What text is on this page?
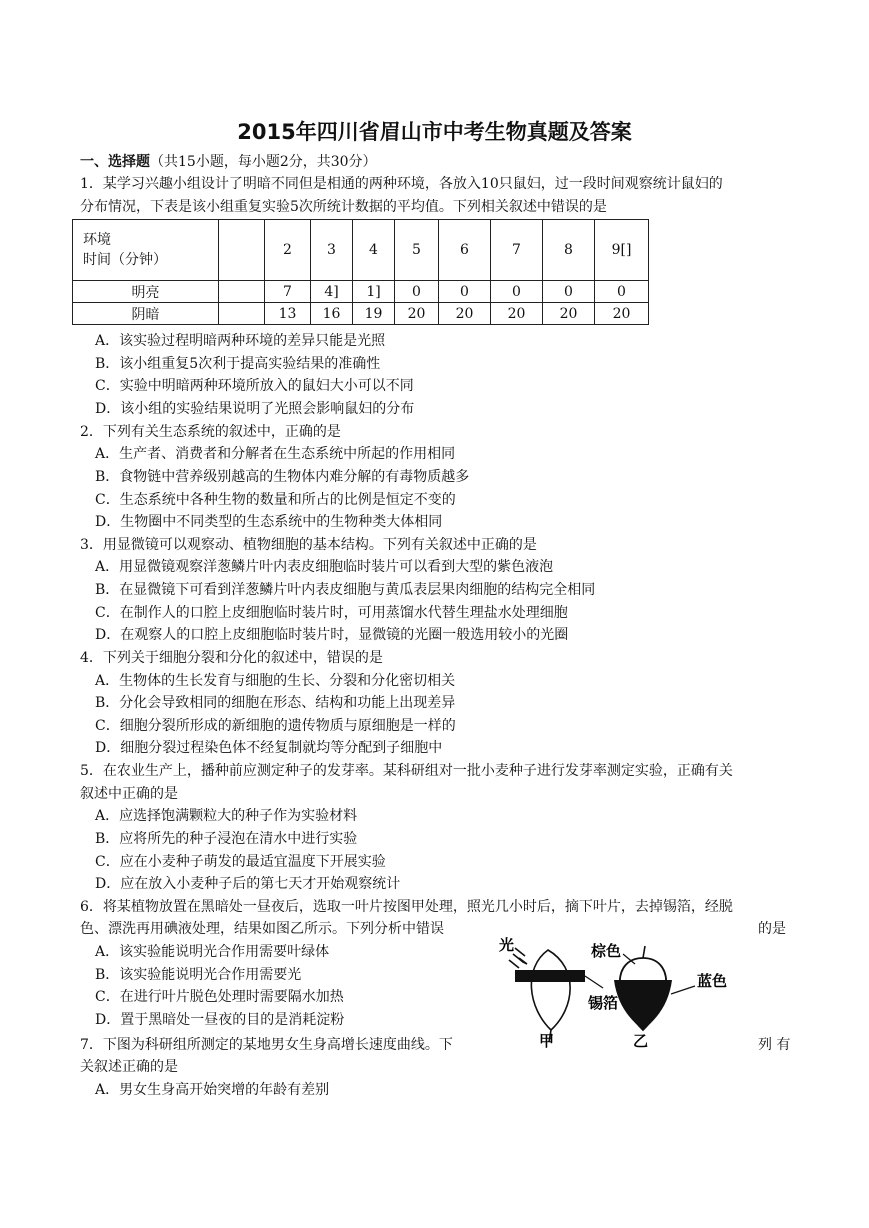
2015年四川省眉山市中考生物真题及答案
一、选择题（共15小题，每小题2分，共30分）
1．某学习兴趣小组设计了明暗不同但是相通的两种环境，各放入10只鼠妇，过一段时间观察统计鼠妇的
分布情况，下表是该小组重复实验5次所统计数据的平均值。下列相关叙述中错误的是
环境
时间（分钟）		2	3	4	5	6	7	8	9[]
明亮		7	4]	1]	0	0	0	0	0
阴暗		13	16	19	20	20	20	20	20
A．该实验过程明暗两种环境的差异只能是光照
B．该小组重复5次利于提高实验结果的准确性
C．实验中明暗两种环境所放入的鼠妇大小可以不同
D．该小组的实验结果说明了光照会影响鼠妇的分布
2．下列有关生态系统的叙述中，正确的是
A．生产者、消费者和分解者在生态系统中所起的作用相同
B．食物链中营养级别越高的生物体内难分解的有毒物质越多
C．生态系统中各种生物的数量和所占的比例是恒定不变的
D．生物圈中不同类型的生态系统中的生物种类大体相同
3．用显微镜可以观察动、植物细胞的基本结构。下列有关叙述中正确的是
A．用显微镜观察洋葱鳞片叶内表皮细胞临时装片可以看到大型的紫色液泡
B．在显微镜下可看到洋葱鳞片叶内表皮细胞与黄瓜表层果肉细胞的结构完全相同
C．在制作人的口腔上皮细胞临时装片时，可用蒸馏水代替生理盐水处理细胞
D．在观察人的口腔上皮细胞临时装片时，显微镜的光圈一般选用较小的光圈
4．下列关于细胞分裂和分化的叙述中，错误的是
A．生物体的生长发育与细胞的生长、分裂和分化密切相关
B．分化会导致相同的细胞在形态、结构和功能上出现差异
C．细胞分裂所形成的新细胞的遗传物质与原细胞是一样的
D．细胞分裂过程染色体不经复制就均等分配到子细胞中
5．在农业生产上，播种前应测定种子的发芽率。某科研组对一批小麦种子进行发芽率测定实验，正确有关
叙述中正确的是
A．应选择饱满颗粒大的种子作为实验材料
B．应将所先的种子浸泡在清水中进行实验
C．应在小麦种子萌发的最适宜温度下开展实验
D．应在放入小麦种子后的第七天才开始观察统计
6．将某植物放置在黑暗处一昼夜后，选取一叶片按图甲处理，照光几小时后，摘下叶片，去掉锡箔，经脱
色、漂洗再用碘液处理，结果如图乙所示。下列分析中错误	的是
A．该实验能说明光合作用需要叶绿体
B．该实验能说明光合作用需要光
C．在进行叶片脱色处理时需要隔水加热
D．置于黑暗处一昼夜的目的是消耗淀粉
光
锡箔
甲
棕色
蓝色
乙
7．下图为科研组所测定的某地男女生身高增长速度曲线。下	列 有
关叙述正确的是
A．男女生身高开始突增的年龄有差别
